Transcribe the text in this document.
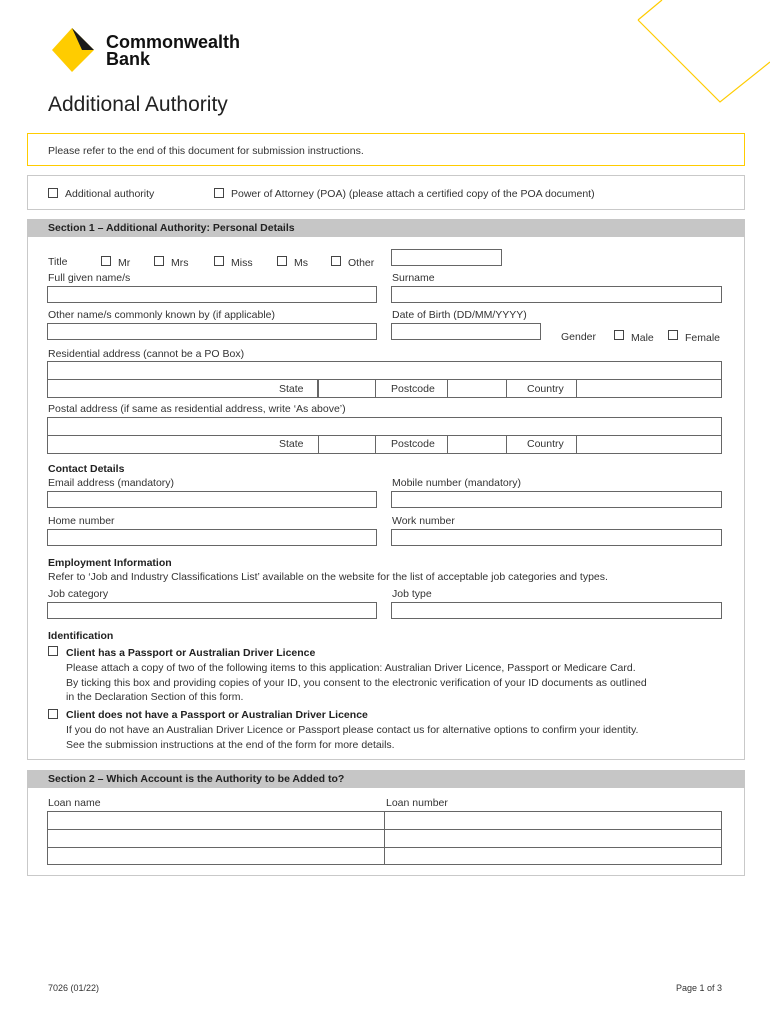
Commonwealth
Bank
Additional Authority
Please refer to the end of this document for submission instructions.
Additional authority	Power of Attorney (POA) (please attach a certified copy of the POA document)
Section 1 – Additional Authority: Personal Details
Title	Mr	Mrs	Miss	Ms	Other
Full given name/s	Surname
Other name/s commonly known by (if applicable)	Date of Birth (DD/MM/YYYY)
Gender	Male	Female
Residential address (cannot be a PO Box)
State	Postcode	Country
Postal address (if same as residential address, write ‘As above’)
State	Postcode	Country
Contact Details
Email address (mandatory)	Mobile number (mandatory)
Home number	Work number
Employment Information
Refer to ‘Job and Industry Classifications List’ available on the website for the list of acceptable job categories and types.
Job category	Job type
Identification
Client has a Passport or Australian Driver Licence
Please attach a copy of two of the following items to this application: Australian Driver Licence, Passport or Medicare Card.
By ticking this box and providing copies of your ID, you consent to the electronic verification of your ID documents as outlined
in the Declaration Section of this form.
Client does not have a Passport or Australian Driver Licence
If you do not have an Australian Driver Licence or Passport please contact us for alternative options to confirm your identity.
See the submission instructions at the end of the form for more details.
Section 2 – Which Account is the Authority to be Added to?
Loan name	Loan number
7026 (01/22)	Page 1 of 3
